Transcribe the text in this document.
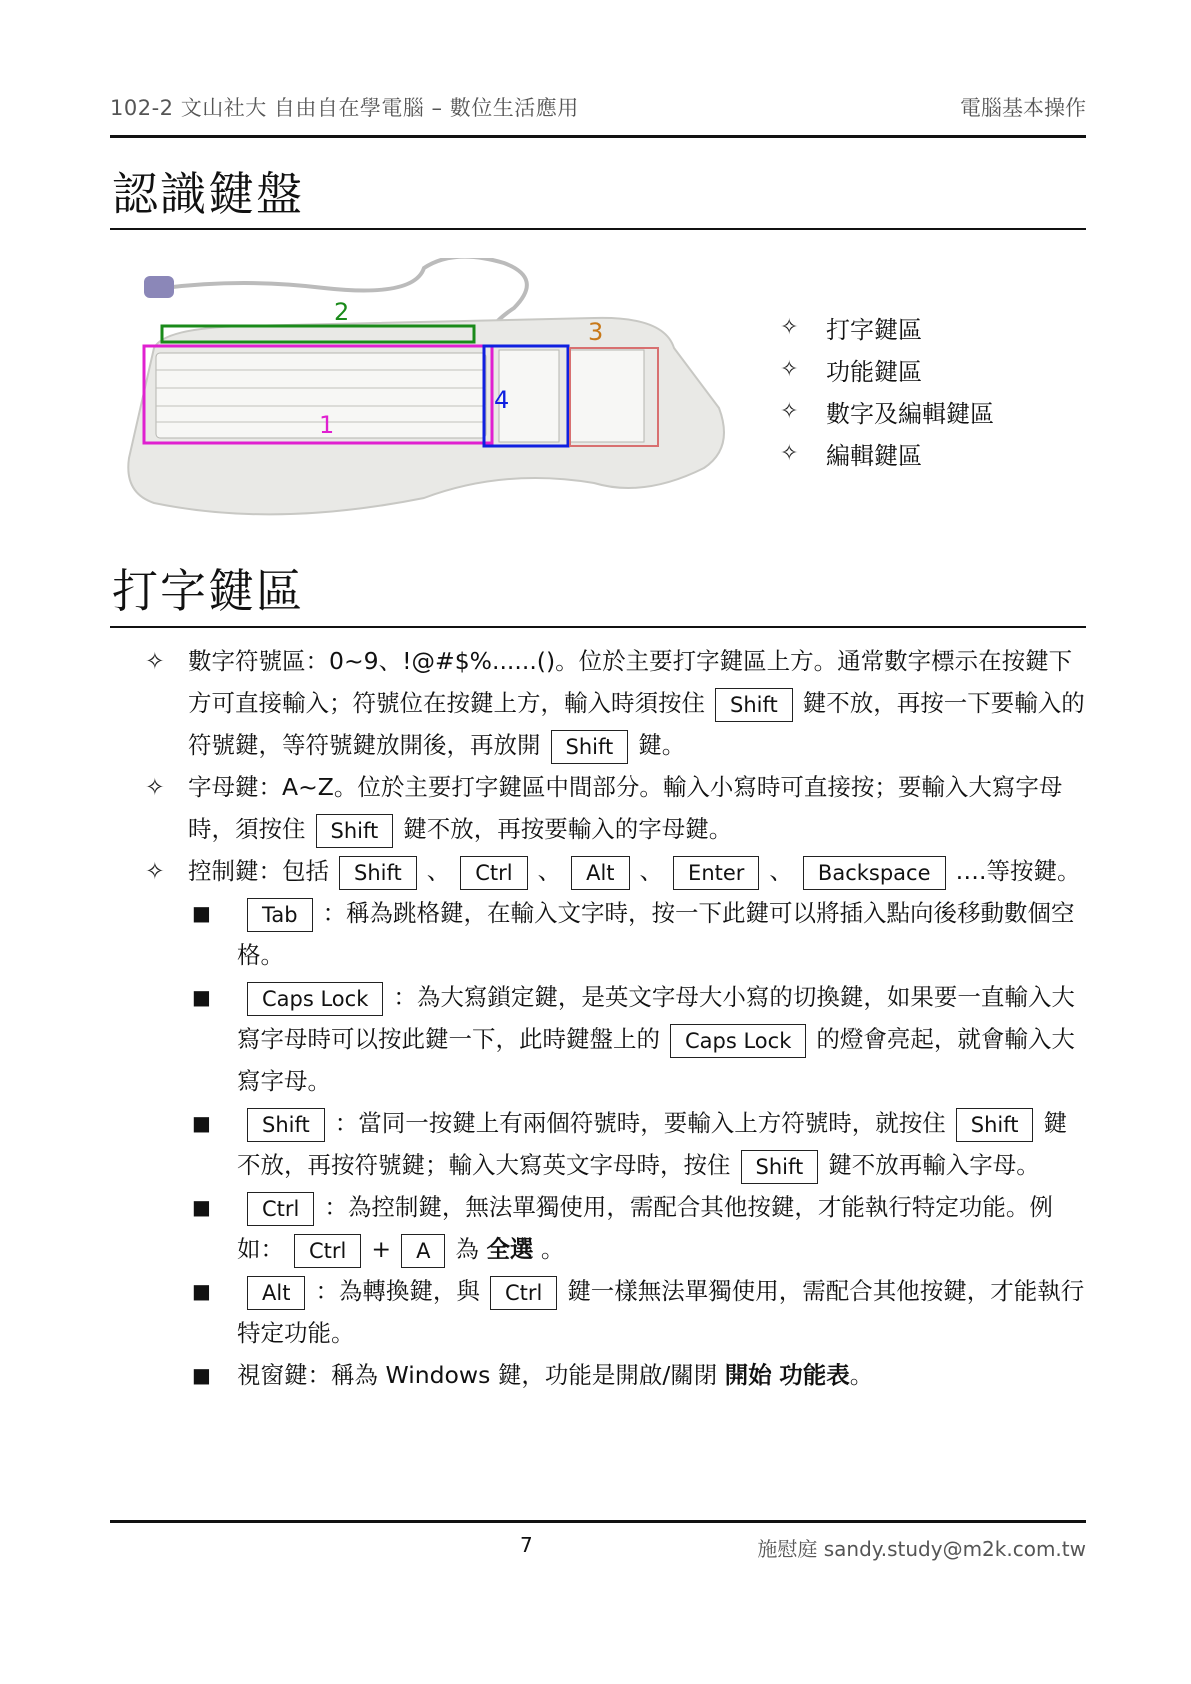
102-2 文山社大 自由自在學電腦 – 數位生活應用	電腦基本操作
認識鍵盤
2
1
4
3	✧	打字鍵區
✧	功能鍵區
✧	數字及編輯鍵區
✧	編輯鍵區
打字鍵區

✧ 數字符號區：0~9、!@#$%......()。位於主要打字鍵區上方。通常數字標示在按鍵下方可直接輸入；符號位在按鍵上方，輸入時須按住 Shift 鍵不放，再按一下要輸入的符號鍵，等符號鍵放開後，再放開 Shift 鍵。

✧ 字母鍵：A~Z。位於主要打字鍵區中間部分。輸入小寫時可直接按；要輸入大寫字母時，須按住 Shift 鍵不放，再按要輸入的字母鍵。

✧ 控制鍵：包括 Shift 、 Ctrl 、 Alt 、 Enter 、 Backspace ….等按鍵。

■ Tab ：稱為跳格鍵，在輸入文字時，按一下此鍵可以將插入點向後移動數個空格。

■ Caps Lock ：為大寫鎖定鍵，是英文字母大小寫的切換鍵，如果要一直輸入大寫字母時可以按此鍵一下，此時鍵盤上的 Caps Lock 的燈會亮起，就會輸入大寫字母。

■ Shift ：當同一按鍵上有兩個符號時，要輸入上方符號時，就按住 Shift 鍵不放，再按符號鍵；輸入大寫英文字母時，按住 Shift 鍵不放再輸入字母。

■ Ctrl ：為控制鍵，無法單獨使用，需配合其他按鍵，才能執行特定功能。例如： Ctrl + A 為 全選 。

■ Alt ：為轉換鍵，與 Ctrl 鍵一樣無法單獨使用，需配合其他按鍵，才能執行特定功能。

■ 視窗鍵：稱為 Windows 鍵，功能是開啟/關閉 開始 功能表。

7	施慰庭 sandy.study@m2k.com.tw
